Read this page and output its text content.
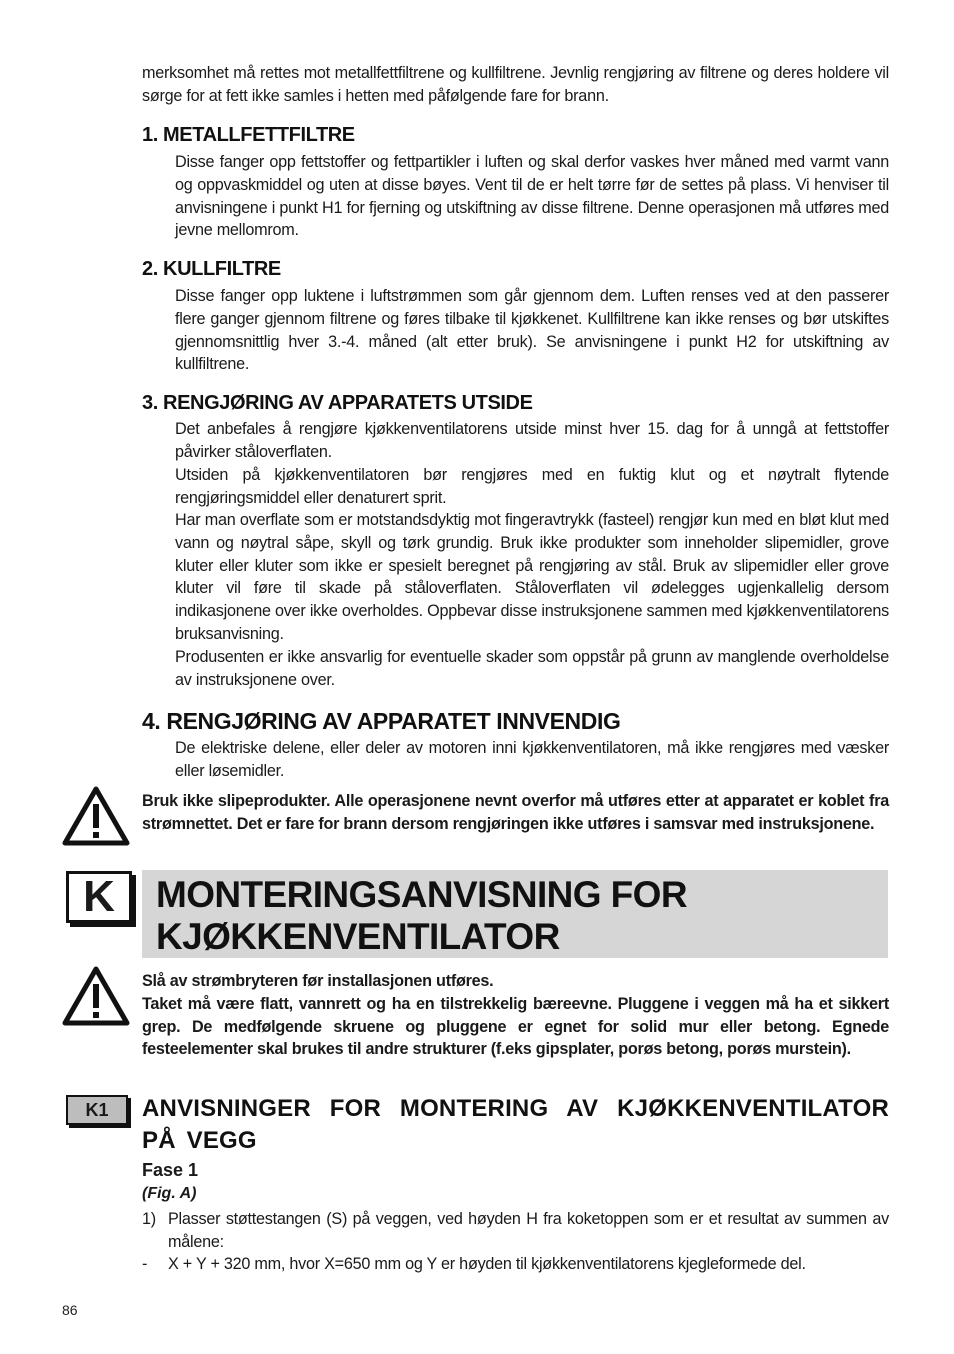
merksomhet må rettes mot metallfettfiltrene og kullfiltrene. Jevnlig rengjøring av filtrene og deres holdere vil sørge for at fett ikke samles i hetten med påfølgende fare for brann.
1. METALLFETTFILTRE
Disse fanger opp fettstoffer og fettpartikler i luften og skal derfor vaskes hver måned med varmt vann og oppvaskmiddel og uten at disse bøyes. Vent til de er helt tørre før de settes på plass. Vi henviser til anvisningene i punkt H1 for fjerning og utskiftning av disse filtrene. Denne operasjonen må utføres med jevne mellomrom.
2. KULLFILTRE
Disse fanger opp luktene i luftstrømmen som går gjennom dem. Luften renses ved at den passerer flere ganger gjennom filtrene og føres tilbake til kjøkkenet. Kullfiltrene kan ikke renses og bør utskiftes gjennomsnittlig hver 3.-4. måned (alt etter bruk). Se anvisningene i punkt H2 for utskiftning av kullfiltrene.
3. RENGJØRING AV APPARATETS UTSIDE
Det anbefales å rengjøre kjøkkenventilatorens utside minst hver 15. dag for å unngå at fettstoffer påvirker ståloverflaten.
Utsiden på kjøkkenventilatoren bør rengjøres med en fuktig klut og et nøytralt flytende rengjøringsmiddel eller denaturert sprit.
Har man overflate som er motstandsdyktig mot fingeravtrykk (fasteel) rengjør kun med en bløt klut med vann og nøytral såpe, skyll og tørk grundig. Bruk ikke produkter som inneholder slipemidler, grove kluter eller kluter som ikke er spesielt beregnet på rengjøring av stål. Bruk av slipemidler eller grove kluter vil føre til skade på ståloverflaten. Ståloverflaten vil ødelegges ugjenkallelig dersom indikasjonene over ikke overholdes. Oppbevar disse instruksjonene sammen med kjøkkenventilatorens bruksanvisning.
Produsenten er ikke ansvarlig for eventuelle skader som oppstår på grunn av manglende overholdelse av instruksjonene over.
4. RENGJØRING AV APPARATET INNVENDIG
De elektriske delene, eller deler av motoren inni kjøkkenventilatoren, må ikke rengjøres med væsker eller løsemidler.
Bruk ikke slipeprodukter. Alle operasjonene nevnt overfor må utføres etter at apparatet er koblet fra strømnettet. Det er fare for brann dersom rengjøringen ikke utføres i samsvar med instruksjonene.
K	MONTERINGSANVISNING FOR
KJØKKENVENTILATOR
Slå av strømbryteren før installasjonen utføres.
Taket må være flatt, vannrett og ha en tilstrekkelig bæreevne. Pluggene i veggen må ha et sikkert grep. De medfølgende skruene og pluggene er egnet for solid mur eller betong. Egnede festeelementer skal brukes til andre strukturer (f.eks gipsplater, porøs betong, porøs murstein).
K1	ANVISNINGER FOR MONTERING AV KJØKKENVENTILATOR PÅ VEGG
Fase 1
(Fig. A)
1) Plasser støttestangen (S) på veggen, ved høyden H fra koketoppen som er et resultat av summen av målene:
-	X + Y + 320 mm, hvor X=650 mm og Y er høyden til kjøkkenventilatorens kjegleformede del.
86
